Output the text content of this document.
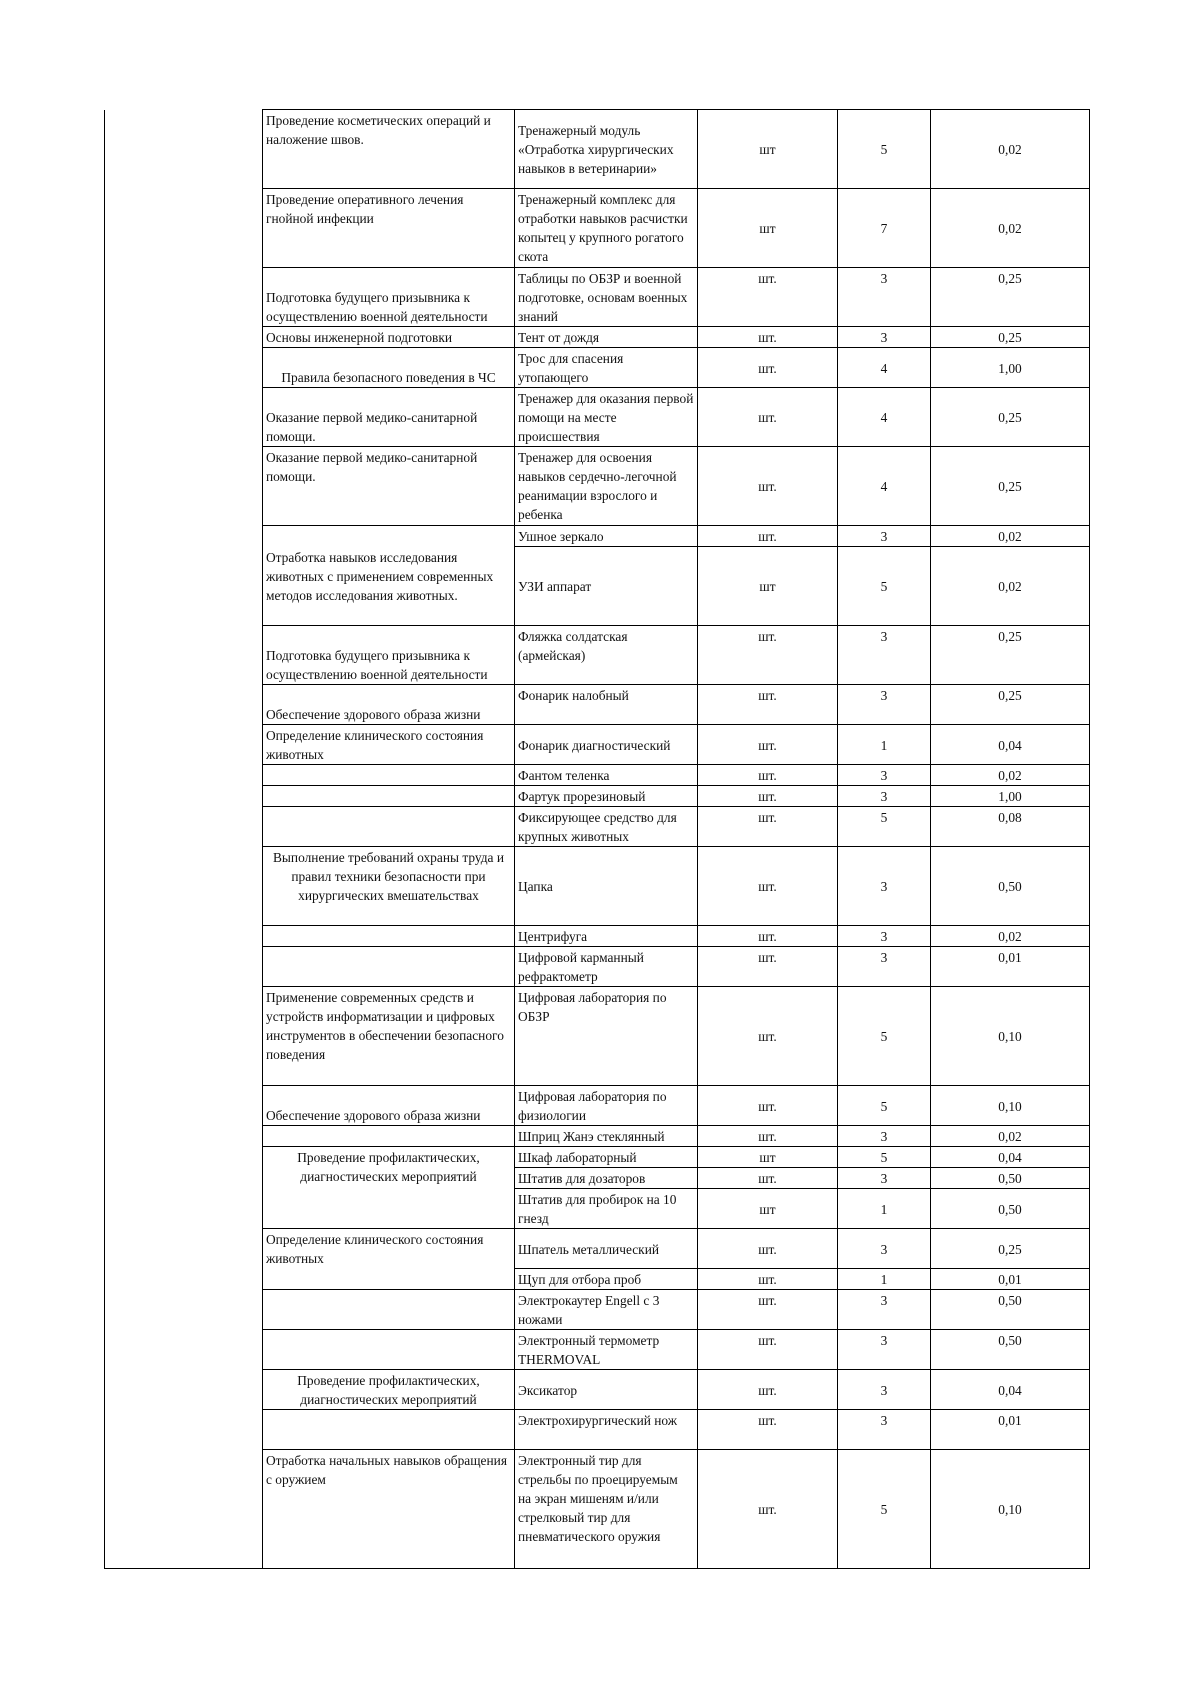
	Проведение косметических операций и наложение швов.	Тренажерный модуль «Отработка хирургических навыков в ветеринарии»	шт	5	0,02
	Проведение оперативного лечения гнойной инфекции	Тренажерный комплекс для отработки навыков расчистки копытец у крупного рогатого скота	шт	7	0,02
	Подготовка будущего призывника к осуществлению военной деятельности	Таблицы по ОБЗР и военной подготовке, основам военных знаний	шт.	3	0,25
	Основы инженерной подготовки	Тент от дождя	шт.	3	0,25
	Правила безопасного поведения в ЧС	Трос для спасения утопающего	шт.	4	1,00
	Оказание первой медико-санитарной помощи.	Тренажер для оказания первой помощи на месте происшествия	шт.	4	0,25
	Оказание первой медико-санитарной помощи.	Тренажер для освоения навыков сердечно-легочной реанимации взрослого и ребенка	шт.	4	0,25
	Отработка навыков исследования животных с применением современных методов исследования животных.	Ушное зеркало	шт.	3	0,02
		УЗИ аппарат	шт	5	0,02
	Подготовка будущего призывника к осуществлению военной деятельности	Фляжка солдатская (армейская)	шт.	3	0,25
	Обеспечение здорового образа жизни	Фонарик налобный	шт.	3	0,25
	Определение клинического состояния животных	Фонарик диагностический	шт.	1	0,04
		Фантом теленка	шт.	3	0,02
		Фартук прорезиновый	шт.	3	1,00
		Фиксирующее средство для крупных животных	шт.	5	0,08
	Выполнение требований охраны труда и правил техники безопасности при хирургических вмешательствах	Цапка	шт.	3	0,50
		Центрифуга	шт.	3	0,02
		Цифровой карманный рефрактометр	шт.	3	0,01
	Применение современных средств и устройств информатизации и цифровых инструментов в обеспечении безопасного поведения	Цифровая лаборатория по ОБЗР	шт.	5	0,10
	Обеспечение здорового образа жизни	Цифровая лаборатория по физиологии	шт.	5	0,10
		Шприц Жанэ стеклянный	шт.	3	0,02
	Проведение профилактических, диагностических мероприятий	Шкаф лабораторный	шт	5	0,04
		Штатив для дозаторов	шт.	3	0,50
		Штатив для пробирок на 10 гнезд	шт	1	0,50
	Определение клинического состояния животных	Шпатель металлический	шт.	3	0,25
		Щуп для отбора проб	шт.	1	0,01
		Электрокаутер Engell с 3 ножами	шт.	3	0,50
		Электронный термометр THERMOVAL	шт.	3	0,50
	Проведение профилактических, диагностических мероприятий	Эксикатор	шт.	3	0,04
		Электрохирургический нож	шт.	3	0,01
	Отработка начальных навыков обращения с оружием	Электронный тир для стрельбы по проецируемым на экран мишеням и/или стрелковый тир для пневматического оружия	шт.	5	0,10
